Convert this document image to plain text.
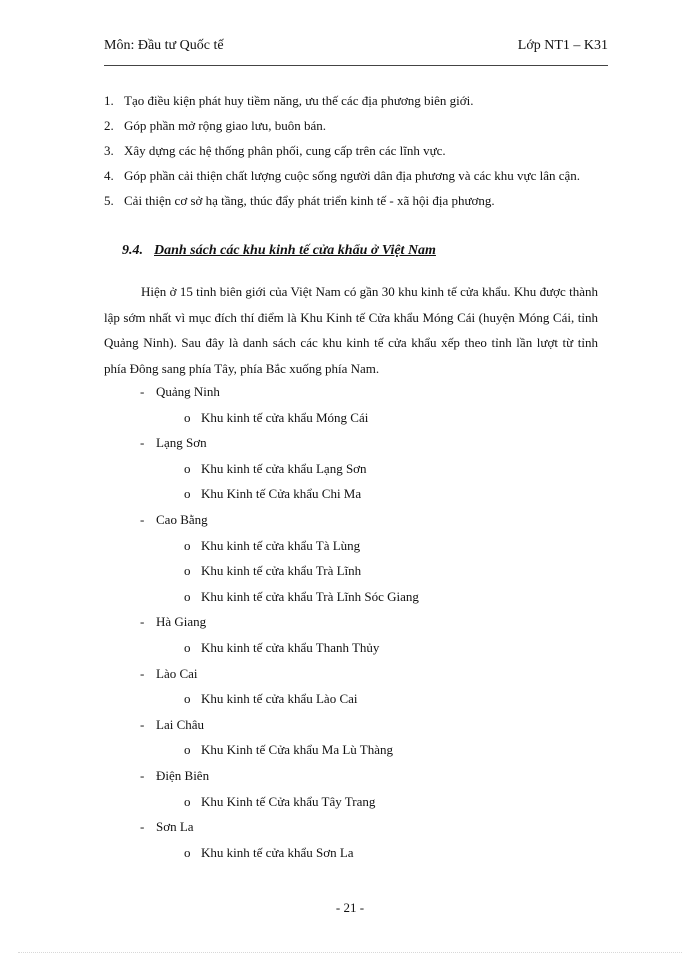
Môn: Đầu tư Quốc tế	Lớp NT1 – K31
1. Tạo điều kiện phát huy tiềm năng, ưu thế các địa phương biên giới.
2. Góp phần mở rộng giao lưu, buôn bán.
3. Xây dựng các hệ thống phân phối, cung cấp trên các lĩnh vực.
4. Góp phần cải thiện chất lượng cuộc sống người dân địa phương và các khu vực lân cận.
5. Cải thiện cơ sở hạ tầng, thúc đẩy phát triển kinh tế - xã hội địa phương.
9.4. Danh sách các khu kinh tế cửa khẩu ở Việt Nam

Hiện ở 15 tỉnh biên giới của Việt Nam có gần 30 khu kinh tế cửa khẩu. Khu được thành lập sớm nhất vì mục đích thí điểm là Khu Kinh tế Cửa khẩu Móng Cái (huyện Móng Cái, tỉnh Quảng Ninh). Sau đây là danh sách các khu kinh tế cửa khẩu xếp theo tỉnh lần lượt từ tỉnh phía Đông sang phía Tây, phía Bắc xuống phía Nam.

- Quảng Ninh
o Khu kinh tế cửa khẩu Móng Cái
- Lạng Sơn
o Khu kinh tế cửa khẩu Lạng Sơn
o Khu Kinh tế Cửa khẩu Chi Ma
- Cao Bằng
o Khu kinh tế cửa khẩu Tà Lùng
o Khu kinh tế cửa khẩu Trà Lĩnh
o Khu kinh tế cửa khẩu Trà Lĩnh Sóc Giang
- Hà Giang
o Khu kinh tế cửa khẩu Thanh Thủy
- Lào Cai
o Khu kinh tế cửa khẩu Lào Cai
- Lai Châu
o Khu Kinh tế Cửa khẩu Ma Lù Thàng
- Điện Biên
o Khu Kinh tế Cửa khẩu Tây Trang
- Sơn La
o Khu kinh tế cửa khẩu Sơn La
- 21 -
